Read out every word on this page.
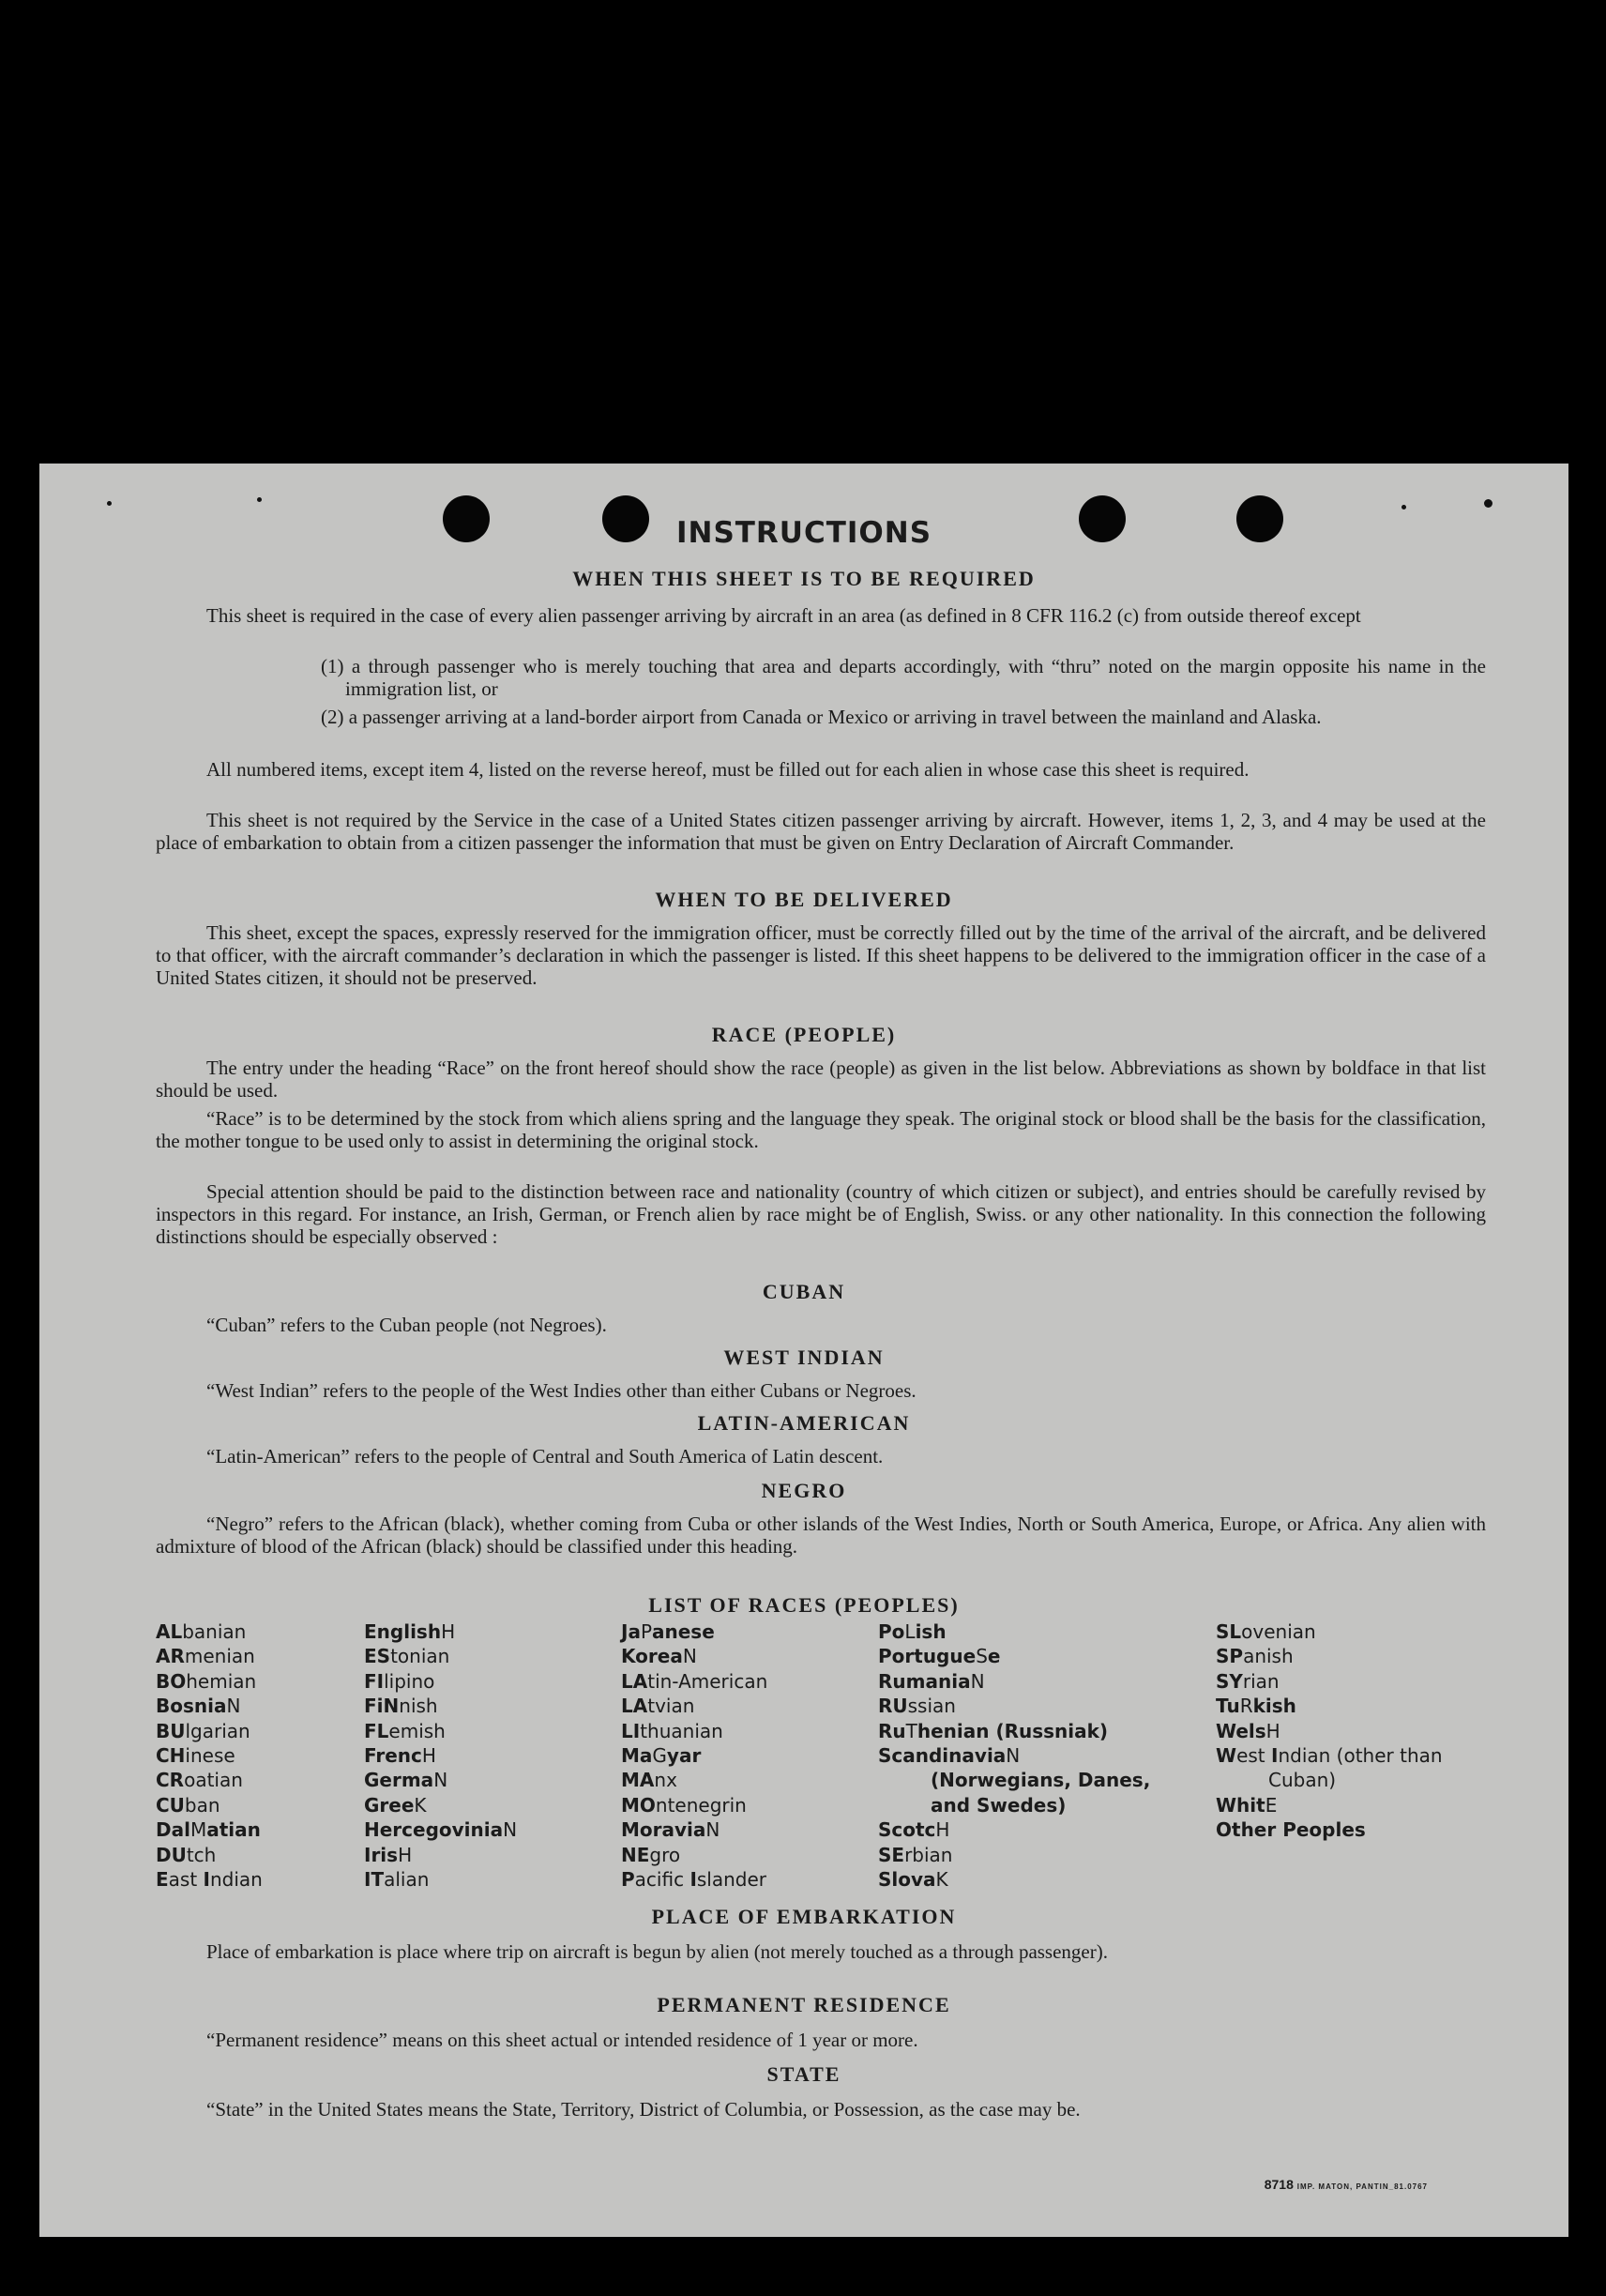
INSTRUCTIONS
WHEN THIS SHEET IS TO BE REQUIRED

This sheet is required in the case of every alien passenger arriving by aircraft in an area (as defined in 8 CFR 116.2 (c) from outside thereof except

(1) a through passenger who is merely touching that area and departs accordingly, with “thru” noted on the margin opposite his name in the immigration list, or

(2) a passenger arriving at a land-border airport from Canada or Mexico or arriving in travel between the mainland and Alaska.

All numbered items, except item 4, listed on the reverse hereof, must be filled out for each alien in whose case this sheet is required.

This sheet is not required by the Service in the case of a United States citizen passenger arriving by aircraft. However, items 1, 2, 3, and 4 may be used at the place of embarkation to obtain from a citizen passenger the information that must be given on Entry Declaration of Aircraft Commander.

WHEN TO BE DELIVERED

This sheet, except the spaces, expressly reserved for the immigration officer, must be correctly filled out by the time of the arrival of the aircraft, and be delivered to that officer, with the aircraft commander’s declaration in which the passenger is listed. If this sheet happens to be delivered to the immigration officer in the case of a United States citizen, it should not be preserved.

RACE (PEOPLE)

The entry under the heading “Race” on the front hereof should show the race (people) as given in the list below. Abbreviations as shown by boldface in that list should be used.

“Race” is to be determined by the stock from which aliens spring and the language they speak. The original stock or blood shall be the basis for the classification, the mother tongue to be used only to assist in determining the original stock.

Special attention should be paid to the distinction between race and nationality (country of which citizen or subject), and entries should be carefully revised by inspectors in this regard. For instance, an Irish, German, or French alien by race might be of English, Swiss. or any other nationality. In this connection the following distinctions should be especially observed :

CUBAN

“Cuban” refers to the Cuban people (not Negroes).

WEST INDIAN

“West Indian” refers to the people of the West Indies other than either Cubans or Negroes.

LATIN-AMERICAN

“Latin-American” refers to the people of Central and South America of Latin descent.

NEGRO

“Negro” refers to the African (black), whether coming from Cuba or other islands of the West Indies, North or South America, Europe, or Africa. Any alien with admixture of blood of the African (black) should be classified under this heading.

LIST OF RACES (PEOPLES)
ALbanian
ARmenian
BOhemian
BosniaN
BUlgarian
CHinese
CRoatian
CUban
DalMatian
DUtch
East Indian
EnglishH
EStonian
FIlipino
FiNnish
FLemish
FrencH
GermaN
GreeK
HercegoviniaN
IrisH
ITalian
JaPanese
KoreaN
LAtin-American
LAtvian
LIthuanian
MaGyar
MAnx
MOntenegrin
MoraviaN
NEgro
Pacific Islander
PoLish
PortugueSe
RumaniaN
RUssian
RuThenian (Russniak)
ScandinaviaN (Norwegians, Danes, and Swedes)
ScotcH
SErbian
SlovaK
SLovenian
SPanish
SYrian
TuRkish
WelsH
West Indian (other than Cuban)
WhitE
Other Peoples
PLACE OF EMBARKATION

Place of embarkation is place where trip on aircraft is begun by alien (not merely touched as a through passenger).

PERMANENT RESIDENCE

“Permanent residence” means on this sheet actual or intended residence of 1 year or more.

STATE

“State” in the United States means the State, Territory, District of Columbia, or Possession, as the case may be.

8718 IMP. MATON, PANTIN_81.0767
